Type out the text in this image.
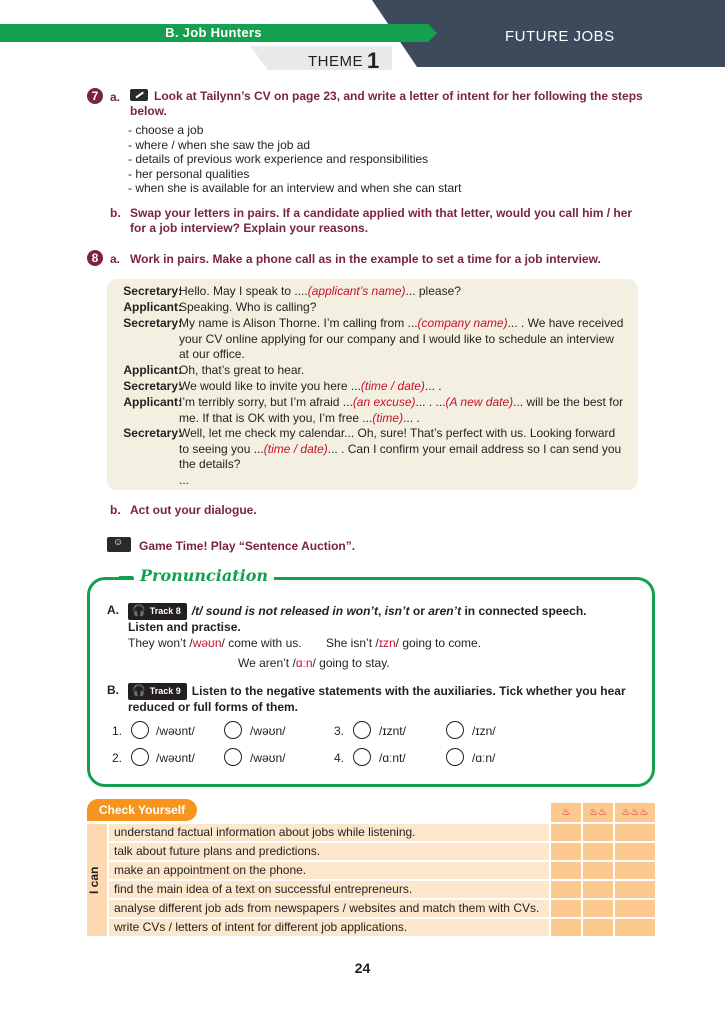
B. Job Hunters	FUTURE JOBS
THEME 1
7 a.	Look at Tailynn’s CV on page 23, and write a letter of intent for her following the steps
below.
- choose a job
- where / when she saw the job ad
- details of previous work experience and responsibilities
- her personal qualities
- when she is available for an interview and when she can start
b. Swap your letters in pairs. If a candidate applied with that letter, would you call him / her
for a job interview? Explain your reasons.
8 a. Work in pairs. Make a phone call as in the example to set a time for a job interview.
Secretary:
Hello. May I speak to ....(applicant’s name)... please?
Applicant:
Speaking. Who is calling?
Secretary:
My name is Alison Thorne. I’m calling from ...(company name)... . We have received
your CV online applying for our company and I would like to schedule an interview
at our office.
Applicant:
Oh, that’s great to hear.
Secretary:
We would like to invite you here ...(time / date)... .
Applicant:
I’m terribly sorry, but I’m afraid ...(an excuse)... . ...(A new date)... will be the best for
me. If that is OK with you, I’m free ...(time)... .
Secretary:
Well, let me check my calendar... Oh, sure! That’s perfect with us. Looking forward
to seeing you ...(time / date)... . Can I confirm your email address so I can send you
the details?
...
b. Act out your dialogue.
☺
Game Time! Play “Sentence Auction”.
Pronunciation
A.	🎧 Track 8 /t/ sound is not released in won’t, isn’t or aren’t in connected speech.
Listen and practise.
They won’t /wəʊn/ come with us. She isn’t /ɪzn/ going to come.
We aren’t /ɑːn/ going to stay.
B.	🎧 Track 9 Listen to the negative statements with the auxiliaries. Tick whether you hear
reduced or full forms of them.
1.	/wəʊnt/	/wəʊn/	3.	/ɪznt/	/ɪzn/
2.	/wəʊnt/	/wəʊn/	4.	/ɑːnt/	/ɑːn/
Check Yourself	♨	♨♨	♨♨♨
I can
understand factual information about jobs while listening.
talk about future plans and predictions.
make an appointment on the phone.
find the main idea of a text on successful entrepreneurs.
analyse different job ads from newspapers / websites and match them with CVs.
write CVs / letters of intent for different job applications.
24
